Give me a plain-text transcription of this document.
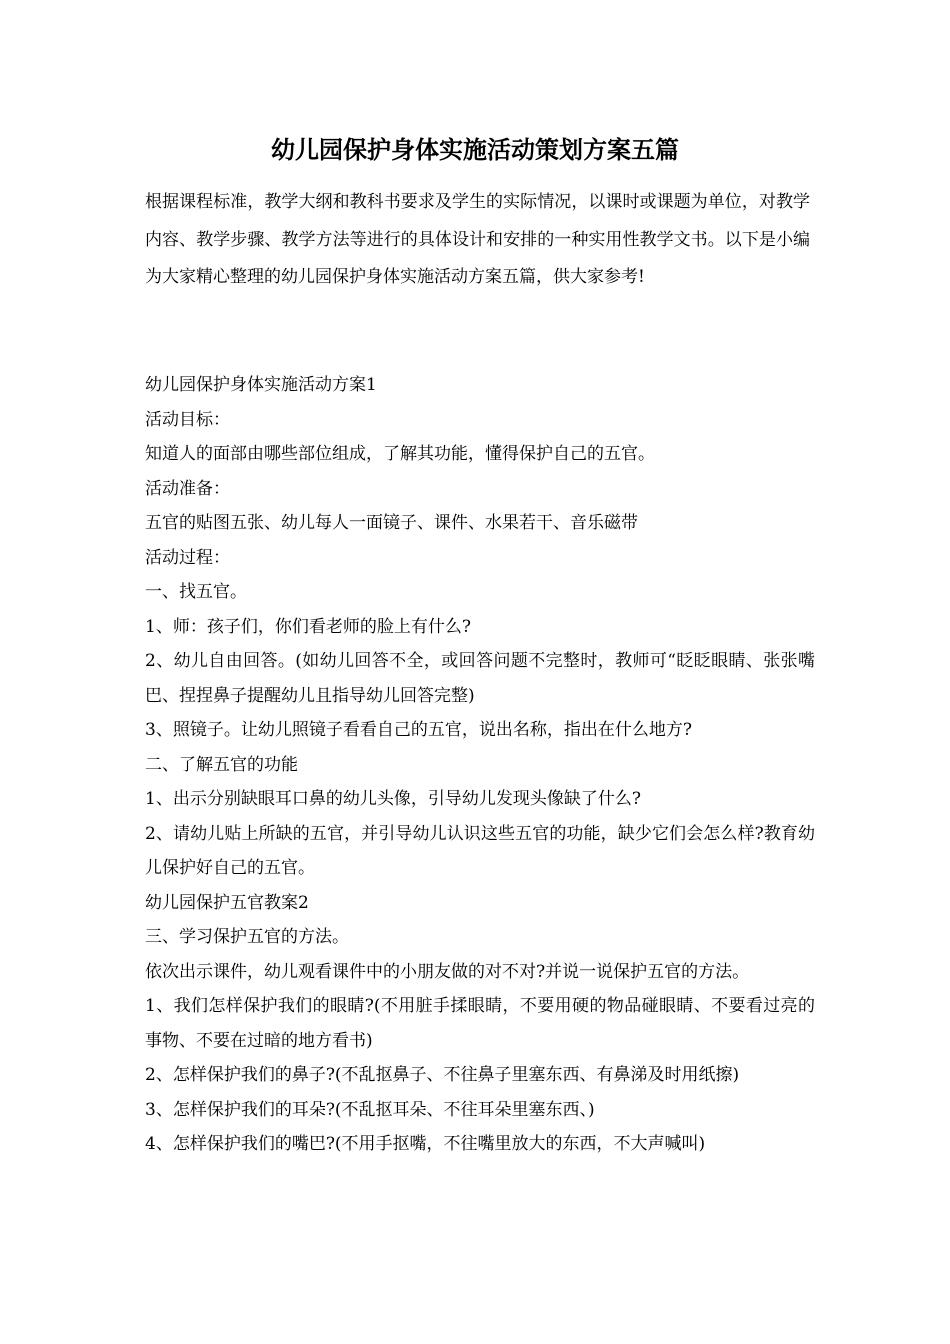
幼儿园保护身体实施活动策划方案五篇

根据课程标准，教学大纲和教科书要求及学生的实际情况，以课时或课题为单位，对教学内容、教学步骤、教学方法等进行的具体设计和安排的一种实用性教学文书。以下是小编为大家精心整理的幼儿园保护身体实施活动方案五篇，供大家参考!

幼儿园保护身体实施活动方案1

活动目标：

知道人的面部由哪些部位组成，了解其功能，懂得保护自己的五官。

活动准备：

五官的贴图五张、幼儿每人一面镜子、课件、水果若干、音乐磁带

活动过程：

一、找五官。

1、师：孩子们，你们看老师的脸上有什么?

2、幼儿自由回答。(如幼儿回答不全，或回答问题不完整时，教师可“眨眨眼睛、张张嘴巴、捏捏鼻子提醒幼儿且指导幼儿回答完整)

3、照镜子。让幼儿照镜子看看自己的五官，说出名称，指出在什么地方?

二、了解五官的功能

1、出示分别缺眼耳口鼻的幼儿头像，引导幼儿发现头像缺了什么?

2、请幼儿贴上所缺的五官，并引导幼儿认识这些五官的功能，缺少它们会怎么样?教育幼儿保护好自己的五官。

幼儿园保护五官教案2

三、学习保护五官的方法。

依次出示课件，幼儿观看课件中的小朋友做的对不对?并说一说保护五官的方法。

1、我们怎样保护我们的眼睛?(不用脏手揉眼睛，不要用硬的物品碰眼睛、不要看过亮的事物、不要在过暗的地方看书)

2、怎样保护我们的鼻子?(不乱抠鼻子、不往鼻子里塞东西、有鼻涕及时用纸擦)

3、怎样保护我们的耳朵?(不乱抠耳朵、不往耳朵里塞东西、)

4、怎样保护我们的嘴巴?(不用手抠嘴，不往嘴里放大的东西，不大声喊叫)
